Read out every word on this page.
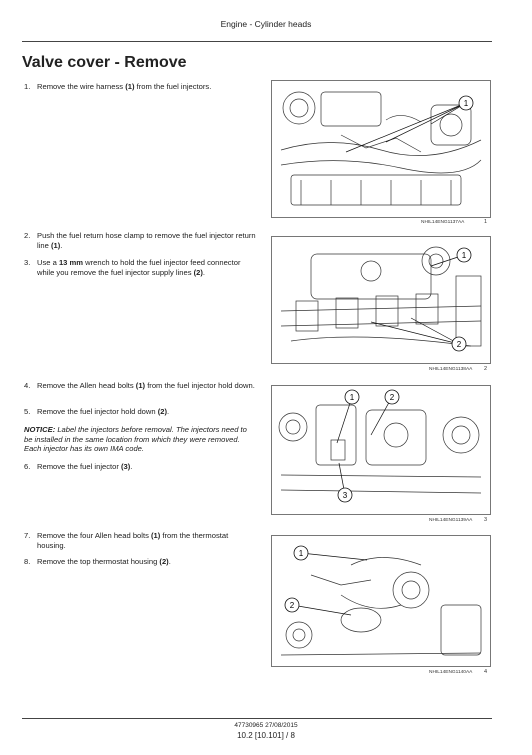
Engine - Cylinder heads
Valve cover - Remove
1. Remove the wire harness (1) from the fuel injectors.
2. Push the fuel return hose clamp to remove the fuel injector return line (1).
3. Use a 13 mm wrench to hold the fuel injector feed connector while you remove the fuel injector supply lines (2).
4. Remove the Allen head bolts (1) from the fuel injector hold down.
5. Remove the fuel injector hold down (2).
NOTICE: Label the injectors before removal. The injectors need to be installed in the same location from which they were removed. Each injector has its own IMA code.
6. Remove the fuel injector (3).
7. Remove the four Allen head bolts (1) from the thermostat housing.
8. Remove the top thermostat housing (2).
1
NHIL14ENG1137AA	1
1
2
NHIL14ENG1138AA 2
1	2
3
NHIL14ENG1139AA 3
1
2
NHIL14ENG1140AA 4
47730965 27/08/2015
10.2 [10.101] / 8
